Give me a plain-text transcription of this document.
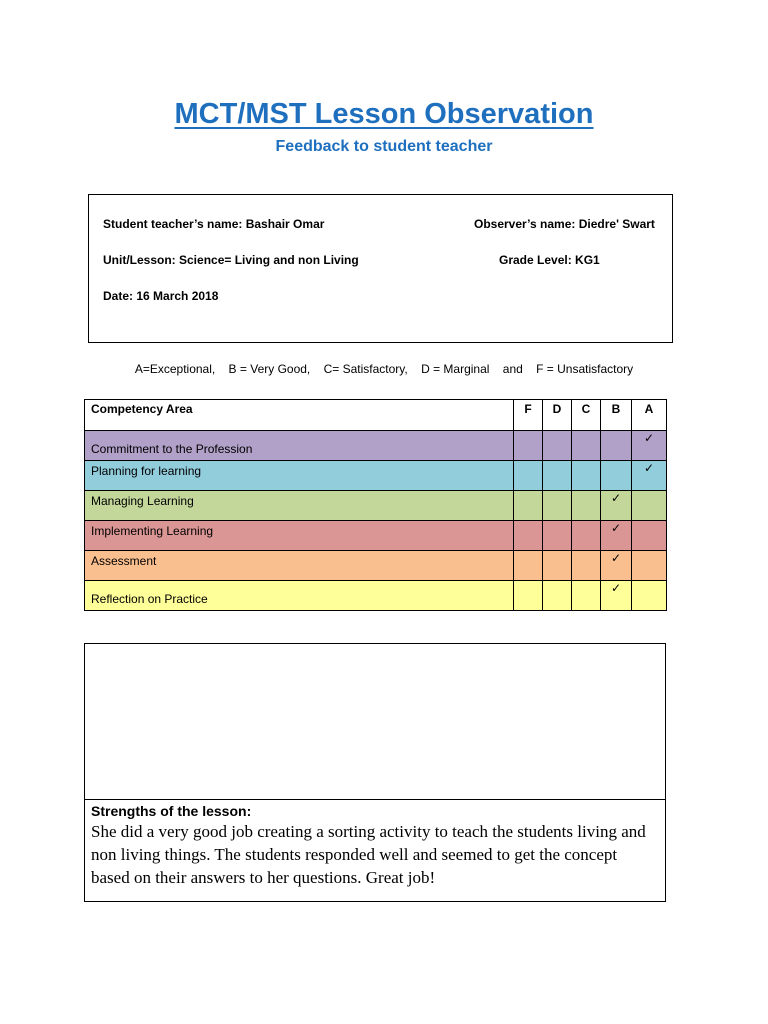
MCT/MST Lesson Observation
Feedback to student teacher
Student teacher’s name: Bashair Omar	Observer’s name: Diedre' Swart
Unit/Lesson: Science= Living and non Living	Grade Level: KG1
Date: 16 March 2018
A=Exceptional,    B = Very Good,    C= Satisfactory,    D = Marginal    and    F = Unsatisfactory
Competency Area	F	D	C	B	A
Commitment to the Profession					✓
Planning for learning					✓
Managing Learning				✓	
Implementing Learning				✓	
Assessment				✓	
Reflection on Practice				✓	
Strengths of the lesson:
She did a very good job creating a sorting activity to teach the students living and non living things. The students responded well and seemed to get the concept based on their answers to her questions. Great job!
